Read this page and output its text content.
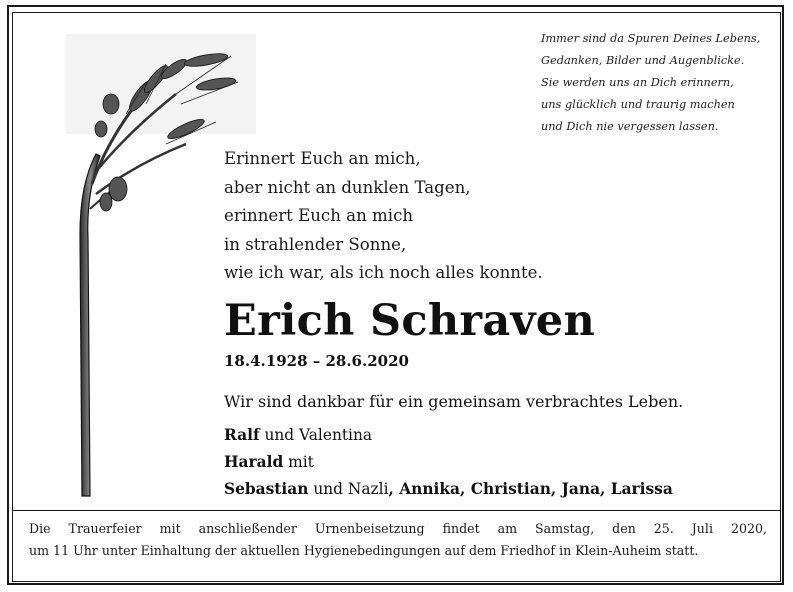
Immer sind da Spuren Deines Lebens,
Gedanken, Bilder und Augenblicke.
Sie werden uns an Dich erinnern,
uns glücklich und traurig machen
und Dich nie vergessen lassen.
Erinnert Euch an mich,
aber nicht an dunklen Tagen,
erinnert Euch an mich
in strahlender Sonne,
wie ich war, als ich noch alles konnte.
Erich Schraven
18.4.1928 – 28.6.2020
Wir sind dankbar für ein gemeinsam verbrachtes Leben.
Ralf und Valentina
Harald mit
Sebastian und Nazli, Annika, Christian, Jana, Larissa
Die Trauerfeier mit anschließender Urnenbeisetzung findet am Samstag, den 25. Juli 2020,
um 11 Uhr unter Einhaltung der aktuellen Hygienebedingungen auf dem Friedhof in Klein-Auheim statt.
